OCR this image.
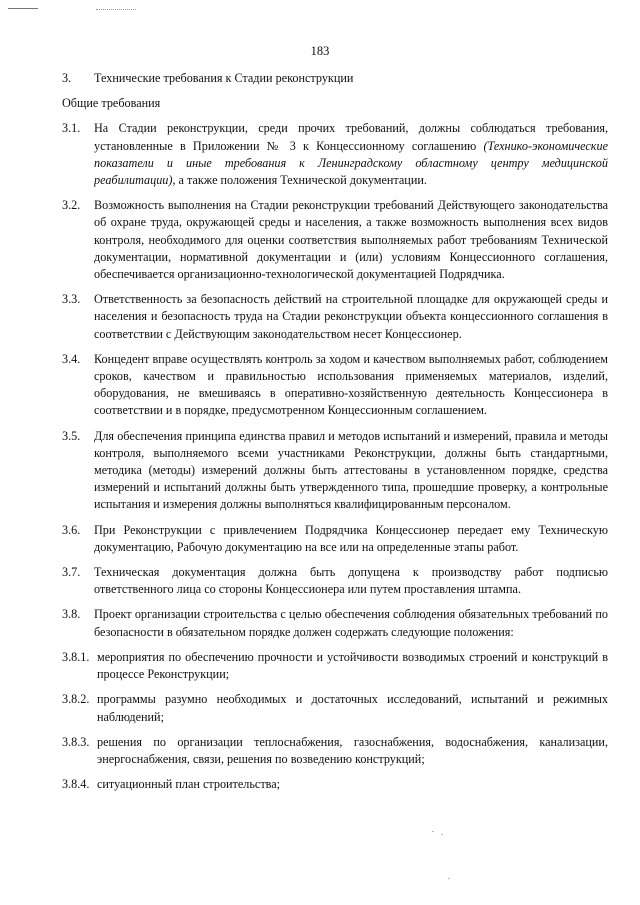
183
3.	Технические требования к Стадии реконструкции
Общие требования
3.1.	На Стадии реконструкции, среди прочих требований, должны соблюдаться требования, установленные в Приложении № 3 к Концессионному соглашению (Технико-экономические показатели и иные требования к Ленинградскому областному центру медицинской реабилитации), а также положения Технической документации.
3.2.	Возможность выполнения на Стадии реконструкции требований Действующего законодательства об охране труда, окружающей среды и населения, а также возможность выполнения всех видов контроля, необходимого для оценки соответствия выполняемых работ требованиям Технической документации, нормативной документации и (или) условиям Концессионного соглашения, обеспечивается организационно-технологической документацией Подрядчика.
3.3.	Ответственность за безопасность действий на строительной площадке для окружающей среды и населения и безопасность труда на Стадии реконструкции объекта концессионного соглашения в соответствии с Действующим законодательством несет Концессионер.
3.4.	Концедент вправе осуществлять контроль за ходом и качеством выполняемых работ, соблюдением сроков, качеством и правильностью использования применяемых материалов, изделий, оборудования, не вмешиваясь в оперативно-хозяйственную деятельность Концессионера в соответствии и в порядке, предусмотренном Концессионным соглашением.
3.5.	Для обеспечения принципа единства правил и методов испытаний и измерений, правила и методы контроля, выполняемого всеми участниками Реконструкции, должны быть стандартными, методика (методы) измерений должны быть аттестованы в установленном порядке, средства измерений и испытаний должны быть утвержденного типа, прошедшие проверку, а контрольные испытания и измерения должны выполняться квалифицированным персоналом.
3.6.	При Реконструкции с привлечением Подрядчика Концессионер передает ему Техническую документацию, Рабочую документацию на все или на определенные этапы работ.
3.7.	Техническая документация должна быть допущена к производству работ подписью ответственного лица со стороны Концессионера или путем проставления штампа.
3.8.	Проект организации строительства с целью обеспечения соблюдения обязательных требований по безопасности в обязательном порядке должен содержать следующие положения:
3.8.1. мероприятия по обеспечению прочности и устойчивости возводимых строений и конструкций в процессе Реконструкции;
3.8.2. программы разумно необходимых и достаточных исследований, испытаний и режимных наблюдений;
3.8.3. решения по организации теплоснабжения, газоснабжения, водоснабжения, канализации, энергоснабжения, связи, решения по возведению конструкций;
3.8.4. ситуационный план строительства;
